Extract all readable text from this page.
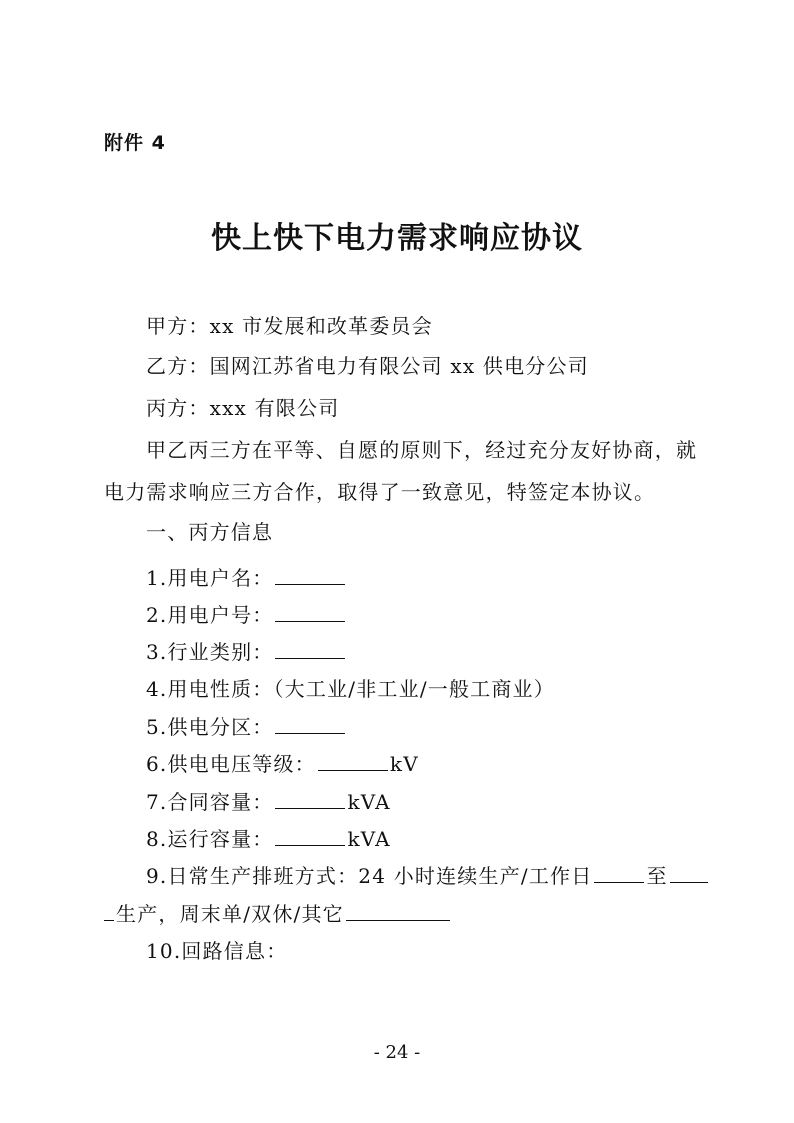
附件 4
快上快下电力需求响应协议
甲方：xx 市发展和改革委员会
乙方：国网江苏省电力有限公司 xx 供电分公司
丙方：xxx 有限公司
甲乙丙三方在平等、自愿的原则下，经过充分友好协商，就
电力需求响应三方合作，取得了一致意见，特签定本协议。
一、丙方信息
1.用电户名：
2.用电户号：
3.行业类别：
4.用电性质：（大工业/非工业/一般工商业）
5.供电分区：
6.供电电压等级：	kV
7.合同容量：	kVA
8.运行容量：	kVA
9.日常生产排班方式：24 小时连续生产/工作日	至
生产，周末单/双休/其它
10.回路信息：
- 24 -
